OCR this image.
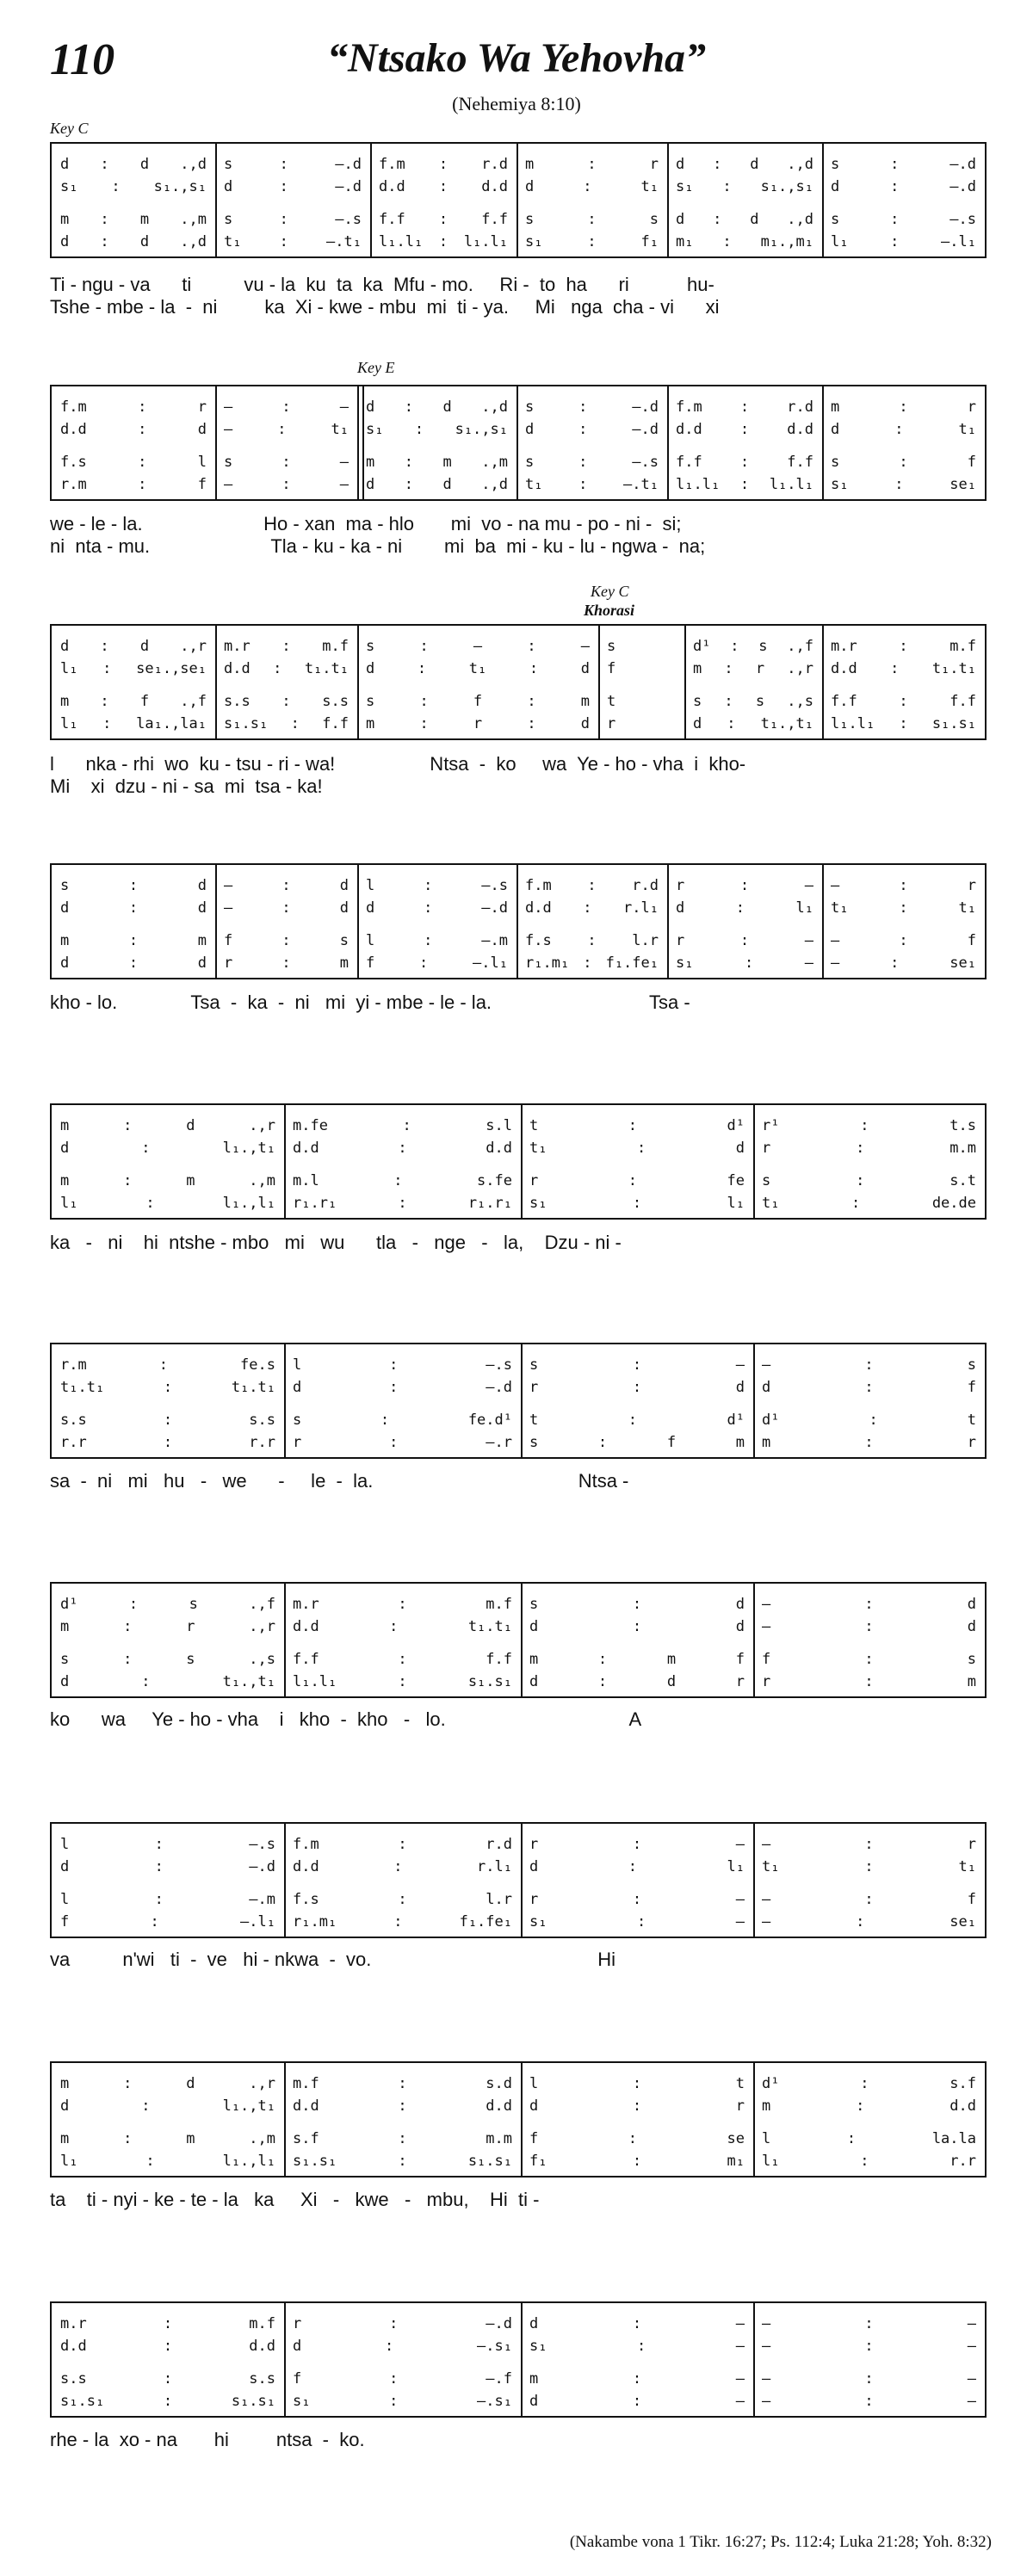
110	“Ntsako Wa Yehovha”
(Nehemiya 8:10)
Key C
d : d .,d s : –.d f.m : r.d m : r d : d .,d s : –.d
s₁ : s₁.,s₁ d : –.d d.d : d.d d : t₁ s₁ : s₁.,s₁ d : –.d
m : m .,m s : –.s f.f : f.f s : s d : d .,d s : –.s
d : d .,d t₁ : –.t₁ l₁.l₁ : l₁.l₁ s₁ : f₁ m₁ : m₁.,m₁ l₁ : –.l₁
Ti - ngu - va      ti          vu - la  ku  ta  ka  Mfu - mo.     Ri -  to  ha      ri           hu-
Tshe - mbe - la  -  ni         ka  Xi - kwe - mbu  mi  ti - ya.     Mi   nga  cha - vi      xi
Key E
f.m : r — : — d : d .,d s : –.d f.m : r.d m : r
d.d : d — : t₁ s₁ : s₁.,s₁ d : –.d d.d : d.d d : t₁
f.s : l s : — m : m .,m s : –.s f.f : f.f s : f
r.m : f — : — d : d .,d t₁ : –.t₁ l₁.l₁ : l₁.l₁ s₁ : se₁
we - le - la.                       Ho - xan  ma - hlo       mi  vo - na mu - po - ni -  si;
ni  nta - mu.                       Tla - ku - ka - ni        mi  ba  mi - ku - lu - ngwa -  na;
Key C
Khorasi
d : d .,r m.r : m.f s : — : — s	d¹ : s .,f m.r : m.f
l₁ : se₁.,se₁ d.d : t₁.t₁ d : t₁ : d f	m : r .,r d.d : t₁.t₁
m : f .,f s.s : s.s s : f : m t	s : s .,s f.f : f.f
l₁ : la₁.,la₁ s₁.s₁ : f.f m : r : d r	d : t₁.,t₁ l₁.l₁ : s₁.s₁
l      nka - rhi  wo  ku - tsu - ri - wa!                  Ntsa  -  ko     wa  Ye - ho - vha  i  kho-
Mi    xi  dzu - ni - sa  mi  tsa - ka!
s : d — : d l : –.s f.m : r.d r : — — : r
d : d — : d d : –.d d.d : r.l₁ d : l₁ t₁ : t₁
m : m f : s l : –.m f.s : l.r r : — — : f
d : d r : m f : –.l₁ r₁.m₁ : f₁.fe₁ s₁ : — — : se₁
kho - lo.              Tsa  -  ka  -  ni   mi  yi - mbe - le - la.                              Tsa -
m : d .,r m.fe : s.l t : d¹ r¹ : t.s
d : l₁.,t₁ d.d : d.d t₁ : d r : m.m
m : m .,m m.l : s.fe r : fe s : s.t
l₁ : l₁.,l₁ r₁.r₁ : r₁.r₁ s₁ : l₁ t₁ : de.de
ka   -   ni    hi  ntshe - mbo   mi   wu      tla   -   nge   -   la,    Dzu - ni -
r.m : fe.s l : –.s s : — — : s
t₁.t₁ : t₁.t₁ d : –.d r : d d : f
s.s : s.s s : fe.d¹ t : d¹ d¹ : t
r.r : r.r r : –.r s : f m m : r
sa  -  ni   mi   hu   -   we      -     le  -  la.                                       Ntsa -
d¹ : s .,f m.r : m.f s : d — : d
m : r .,r d.d : t₁.t₁ d : d — : d
s : s .,s f.f : f.f m : m f f : s
d : t₁.,t₁ l₁.l₁ : s₁.s₁ d : d r r : m
ko      wa     Ye - ho - vha    i   kho  -  kho   -   lo.                                   A
l : –.s f.m : r.d r : — — : r
d : –.d d.d : r.l₁ d : l₁ t₁ : t₁
l : –.m f.s : l.r r : — — : f
f : –.l₁ r₁.m₁ : f₁.fe₁ s₁ : — — : se₁
va          n'wi   ti  -  ve   hi - nkwa  -  vo.                                           Hi
m : d .,r m.f : s.d l : t d¹ : s.f
d : l₁.,t₁ d.d : d.d d : r m : d.d
m : m .,m s.f : m.m f : se l : la.la
l₁ : l₁.,l₁ s₁.s₁ : s₁.s₁ f₁ : m₁ l₁ : r.r
ta    ti - nyi - ke - te - la   ka     Xi   -   kwe   -   mbu,    Hi  ti -
m.r : m.f r : –.d d : — — : —
d.d : d.d d : –.s₁ s₁ : — — : —
s.s : s.s f : –.f m : — — : —
s₁.s₁ : s₁.s₁ s₁ : –.s₁ d : — — : —
rhe - la  xo - na       hi         ntsa  -  ko.
(Nakambe vona 1 Tikr. 16:27; Ps. 112:4; Luka 21:28; Yoh. 8:32)
